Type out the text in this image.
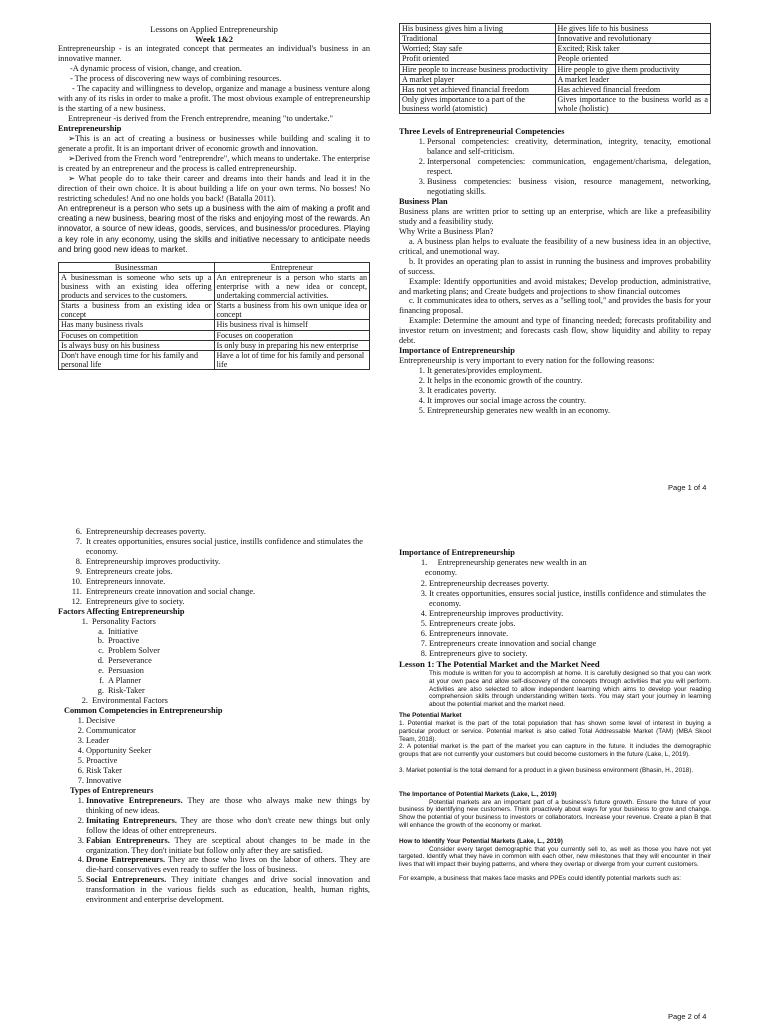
Lessons on Applied Entrepreneurship

Week 1&2

Entrepreneurship - is an integrated concept that permeates an individual's business in an innovative manner.

-A dynamic process of vision, change, and creation.

- The process of discovering new ways of combining resources.

- The capacity and willingness to develop, organize and manage a business venture along with any of its risks in order to make a profit. The most obvious example of entrepreneurship is the starting of a new business.

Entrepreneur -is derived from the French entreprendre, meaning "to undertake."

Entrepreneurship

➢This is an act of creating a business or businesses while building and scaling it to generate a profit. It is an important driver of economic growth and innovation.

➢Derived from the French word "entreprendre", which means to undertake. The enterprise is created by an entrepreneur and the process is called entrepreneurship.

➢ What people do to take their career and dreams into their hands and lead it in the direction of their own choice. It is about building a life on your own terms. No bosses! No restricting schedules! And no one holds you back! (Batalla 2011).

An entrepreneur is a person who sets up a business with the aim of making a profit and creating a new business, bearing most of the risks and enjoying most of the rewards. An innovator, a source of new ideas, goods, services, and business/or procedures. Playing a key role in any economy, using the skills and initiative necessary to anticipate needs and bring good new ideas to market.

Businessman	Entrepreneur
A businessman is someone who sets up a business with an existing idea offering products and services to the customers.	An entrepreneur is a person who starts an enterprise with a new idea or concept, undertaking commercial activities.
Starts a business from an existing idea or concept	Starts a business from his own unique idea or concept
Has many business rivals	His business rival is himself
Focuses on competition	Focuses on cooperation
Is always busy on his business	Is only busy in preparing his new enterprise
Don't have enough time for his family and personal life	Have a lot of time for his family and personal life
His business gives him a living	He gives life to his business
Traditional	Innovative and revolutionary
Worried; Stay safe	Excited; Risk taker
Profit oriented	People oriented
Hire people to increase business productivity	Hire people to give them productivity
A market player	A market leader
Has not yet achieved financial freedom	Has achieved financial freedom
Only gives importance to a part of the business world (atomistic)	Gives importance to the business world as a whole (holistic)

Three Levels of Entrepreneurial Competencies

1. Personal competencies: creativity, determination, integrity, tenacity, emotional balance and self-criticism.
2. Interpersonal competencies: communication, engagement/charisma, delegation, respect.
3. Business competencies: business vision, resource management, networking, negotiating skills.

Business Plan

Business plans are written prior to setting up an enterprise, which are like a prefeasibility study and a feasibility study.

Why Write a Business Plan?

a. A business plan helps to evaluate the feasibility of a new business idea in an objective, critical, and unemotional way.

b. It provides an operating plan to assist in running the business and improves probability of success.

Example: Identify opportunities and avoid mistakes; Develop production, administrative, and marketing plans; and Create budgets and projections to show financial outcomes

c. It communicates idea to others, serves as a "selling tool," and provides the basis for your financing proposal.

Example: Determine the amount and type of financing needed; forecasts profitability and investor return on investment; and forecasts cash flow, show liquidity and ability to repay debt.

Importance of Entrepreneurship

Entrepreneurship is very important to every nation for the following reasons:

1. It generates/provides employment.
2. It helps in the economic growth of the country.
3. It eradicates poverty.
4. It improves our social image across the country.
5. Entrepreneurship generates new wealth in an economy.
Page 1 of 4
6. Entrepreneurship decreases poverty.
7. It creates opportunities, ensures social justice, instills confidence and stimulates the economy.
8. Entrepreneurship improves productivity.
9. Entrepreneurs create jobs.
10. Entrepreneurs innovate.
11. Entrepreneurs create innovation and social change.
12. Entrepreneurs give to society.

Factors Affecting Entrepreneurship

1. Personality Factors
a. Initiative
b. Proactive
c. Problem Solver
d. Perseverance
e. Persuasion
f. A Planner
g. Risk-Taker
2. Environmental Factors

Common Competencies in Entrepreneurship

1. Decisive
2. Communicator
3. Leader
4. Opportunity Seeker
5. Proactive
6. Risk Taker
7. Innovative

Types of Entrepreneurs

1. Innovative Entrepreneurs. They are those who always make new things by thinking of new ideas.
2. Imitating Entrepreneurs. They are those who don't create new things but only follow the ideas of other entrepreneurs.
3. Fabian Entrepreneurs. They are sceptical about changes to be made in the organization. They don't initiate but follow only after they are satisfied.
4. Drone Entrepreneurs. They are those who lives on the labor of others. They are die-hard conservatives even ready to suffer the loss of business.
5. Social Entrepreneurs. They initiate changes and drive social innovation and transformation in the various fields such as education, health, human rights, environment and enterprise development.

Importance of Entrepreneurship

1.     Entrepreneurship generates new wealth in an

economy.

2. Entrepreneurship decreases poverty.
3. It creates opportunities, ensures social justice, instills confidence and stimulates the economy.
4. Entrepreneurship improves productivity.
5. Entrepreneurs create jobs.
6. Entrepreneurs innovate.
7. Entrepreneurs create innovation and social change
8. Entrepreneurs give to society.

Lesson 1: The Potential Market and the Market Need

This module is written for you to accomplish at home. It is carefully designed so that you can work at your own pace and allow self-discovery of the concepts through activities that you will perform. Activities are also selected to allow independent learning which aims to develop your reading comprehension skills through understanding written texts. You may start your journey in learning about the potential market and the market need.

The Potential Market

1. Potential market is the part of the total population that has shown some level of interest in buying a particular product or service. Potential market is also called Total Addressable Market (TAM) (MBA Skool Team, 2018).

2. A potential market is the part of the market you can capture in the future. It includes the demographic groups that are not currently your customers but could become customers in the future (Lake, L, 2019).

3. Market potential is the total demand for a product in a given business environment (Bhasin, H., 2018).

The Importance of Potential Markets (Lake, L., 2019)

Potential markets are an important part of a business's future growth. Ensure the future of your business by identifying new customers. Think proactively about ways for your business to grow and change. Show the potential of your business to investors or collaborators. Increase your revenue. Create a plan B that will enhance the growth of the economy or market.

How to Identify Your Potential Markets (Lake, L., 2019)

Consider every target demographic that you currently sell to, as well as those you have not yet targeted. Identify what they have in common with each other, new milestones that they will encounter in their lives that will impact their buying patterns, and where they overlap or diverge from your current customers.

For example, a business that makes face masks and PPEs could identify potential markets such as:

Page 2 of 4
